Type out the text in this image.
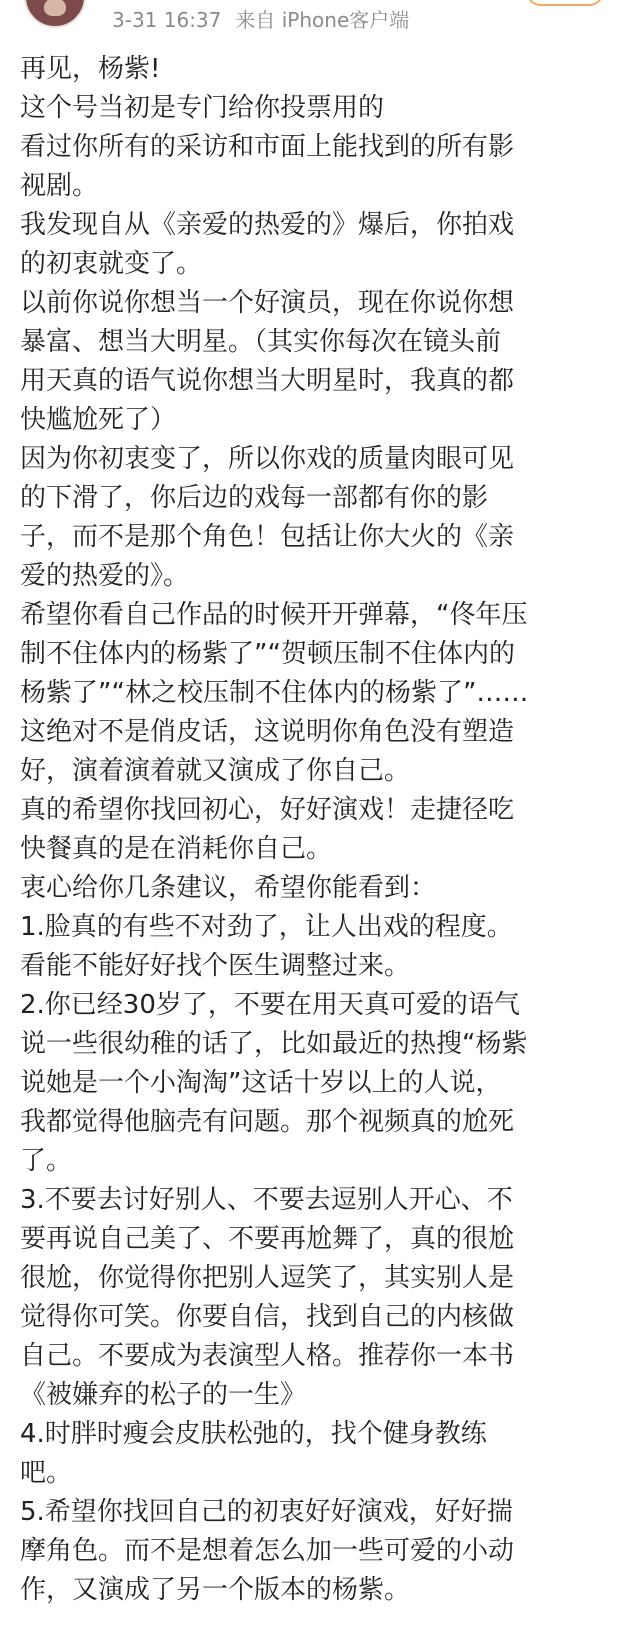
3-31 16:37 来自 iPhone客户端

再见，杨紫!

这个号当初是专门给你投票用的

看过你所有的采访和市面上能找到的所有影
视剧。

我发现自从《亲爱的热爱的》爆后，你拍戏
的初衷就变了。

以前你说你想当一个好演员，现在你说你想
暴富、想当大明星。（其实你每次在镜头前
用天真的语气说你想当大明星时，我真的都
快尴尬死了）

因为你初衷变了，所以你戏的质量肉眼可见
的下滑了，你后边的戏每一部都有你的影
子，而不是那个角色！包括让你大火的《亲
爱的热爱的》。

希望你看自己作品的时候开开弹幕，“佟年压
制不住体内的杨紫了”“贺顿压制不住体内的
杨紫了”“林之校压制不住体内的杨紫了”……
这绝对不是俏皮话，这说明你角色没有塑造
好，演着演着就又演成了你自己。

真的希望你找回初心，好好演戏！走捷径吃
快餐真的是在消耗你自己。

衷心给你几条建议，希望你能看到：

1.脸真的有些不对劲了，让人出戏的程度。
看能不能好好找个医生调整过来。

2.你已经30岁了，不要在用天真可爱的语气
说一些很幼稚的话了，比如最近的热搜“杨紫
说她是一个小淘淘”这话十岁以上的人说，
我都觉得他脑壳有问题。那个视频真的尬死
了。

3.不要去讨好别人、不要去逗别人开心、不
要再说自己美了、不要再尬舞了，真的很尬
很尬，你觉得你把别人逗笑了，其实别人是
觉得你可笑。你要自信，找到自己的内核做
自己。不要成为表演型人格。推荐你一本书
《被嫌弃的松子的一生》

4.时胖时瘦会皮肤松弛的，找个健身教练
吧。

5.希望你找回自己的初衷好好演戏，好好揣
摩角色。而不是想着怎么加一些可爱的小动
作，又演成了另一个版本的杨紫。
